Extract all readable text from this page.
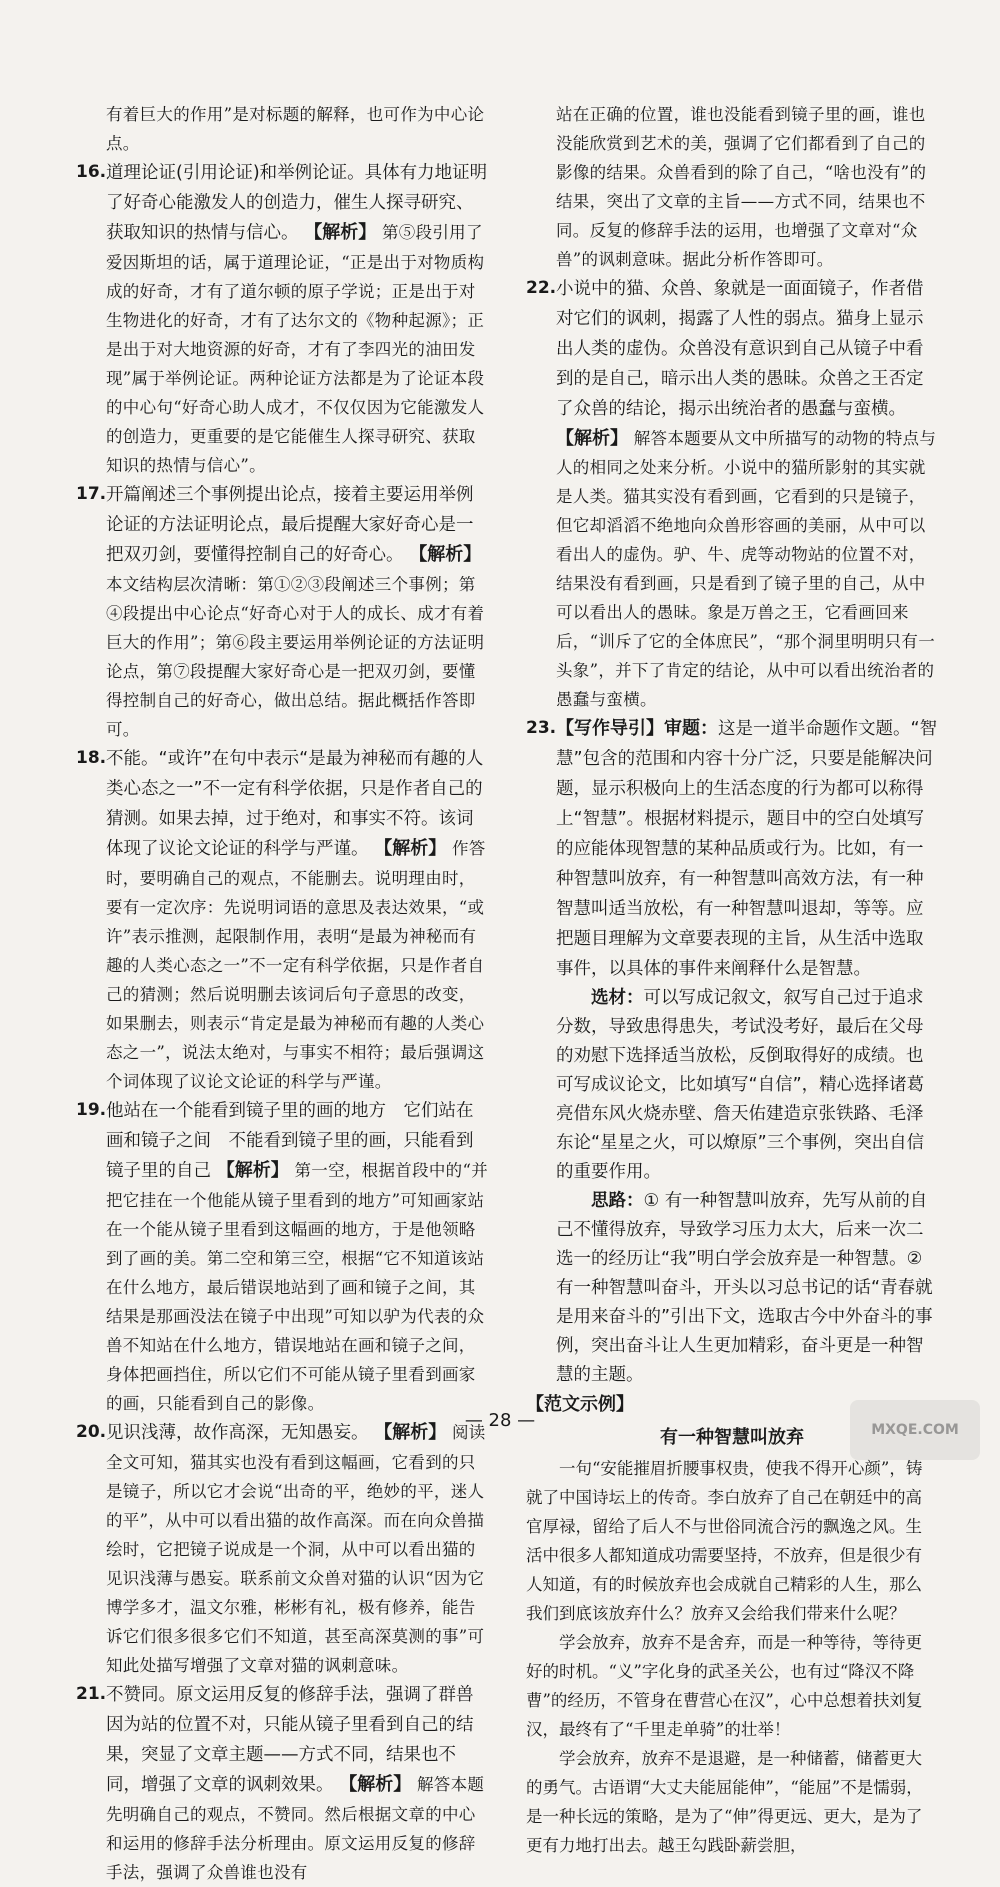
有着巨大的作用”是对标题的解释，也可作为中心论点。

16. 道理论证(引用论证)和举例论证。具体有力地证明了好奇心能激发人的创造力，催生人探寻研究、获取知识的热情与信心。 【解析】 第⑤段引用了爱因斯坦的话，属于道理论证，“正是出于对物质构成的好奇，才有了道尔顿的原子学说；正是出于对生物进化的好奇，才有了达尔文的《物种起源》；正是出于对大地资源的好奇，才有了李四光的油田发现”属于举例论证。两种论证方法都是为了论证本段的中心句“好奇心助人成才，不仅仅因为它能激发人的创造力，更重要的是它能催生人探寻研究、获取知识的热情与信心”。
17. 开篇阐述三个事例提出论点，接着主要运用举例论证的方法证明论点，最后提醒大家好奇心是一把双刃剑，要懂得控制自己的好奇心。 【解析】 本文结构层次清晰：第①②③段阐述三个事例；第④段提出中心论点“好奇心对于人的成长、成才有着巨大的作用”；第⑥段主要运用举例论证的方法证明论点，第⑦段提醒大家好奇心是一把双刃剑，要懂得控制自己的好奇心，做出总结。据此概括作答即可。
18. 不能。“或许”在句中表示“是最为神秘而有趣的人类心态之一”不一定有科学依据，只是作者自己的猜测。如果去掉，过于绝对，和事实不符。该词体现了议论文论证的科学与严谨。 【解析】 作答时，要明确自己的观点，不能删去。说明理由时，要有一定次序：先说明词语的意思及表达效果，“或许”表示推测，起限制作用，表明“是最为神秘而有趣的人类心态之一”不一定有科学依据，只是作者自己的猜测；然后说明删去该词后句子意思的改变，如果删去，则表示“肯定是最为神秘而有趣的人类心态之一”，说法太绝对，与事实不相符；最后强调这个词体现了议论文论证的科学与严谨。
19. 他站在一个能看到镜子里的画的地方　它们站在画和镜子之间　不能看到镜子里的画，只能看到镜子里的自己 【解析】 第一空，根据首段中的“并把它挂在一个他能从镜子里看到的地方”可知画家站在一个能从镜子里看到这幅画的地方，于是他领略到了画的美。第二空和第三空，根据“它不知道该站在什么地方，最后错误地站到了画和镜子之间，其结果是那画没法在镜子中出现”可知以驴为代表的众兽不知站在什么地方，错误地站在画和镜子之间，身体把画挡住，所以它们不可能从镜子里看到画家的画，只能看到自己的影像。
20. 见识浅薄，故作高深，无知愚妄。 【解析】 阅读全文可知，猫其实也没有看到这幅画，它看到的只是镜子，所以它才会说“出奇的平，绝妙的平，迷人的平”，从中可以看出猫的故作高深。而在向众兽描绘时，它把镜子说成是一个洞，从中可以看出猫的见识浅薄与愚妄。联系前文众兽对猫的认识“因为它博学多才，温文尔雅，彬彬有礼，极有修养，能告诉它们很多很多它们不知道，甚至高深莫测的事”可知此处描写增强了文章对猫的讽刺意味。
21. 不赞同。原文运用反复的修辞手法，强调了群兽因为站的位置不对，只能从镜子里看到自己的结果，突显了文章主题——方式不同，结果也不同，增强了文章的讽刺效果。 【解析】 解答本题先明确自己的观点，不赞同。然后根据文章的中心和运用的修辞手法分析理由。原文运用反复的修辞手法，强调了众兽谁也没有

站在正确的位置，谁也没能看到镜子里的画，谁也没能欣赏到艺术的美，强调了它们都看到了自己的影像的结果。众兽看到的除了自己，“啥也没有”的结果，突出了文章的主旨——方式不同，结果也不同。反复的修辞手法的运用，也增强了文章对“众兽”的讽刺意味。据此分析作答即可。

22. 小说中的猫、众兽、象就是一面面镜子，作者借对它们的讽刺，揭露了人性的弱点。猫身上显示出人类的虚伪。众兽没有意识到自己从镜子中看到的是自己，暗示出人类的愚昧。众兽之王否定了众兽的结论，揭示出统治者的愚蠢与蛮横。 【解析】 解答本题要从文中所描写的动物的特点与人的相同之处来分析。小说中的猫所影射的其实就是人类。猫其实没有看到画，它看到的只是镜子，但它却滔滔不绝地向众兽形容画的美丽，从中可以看出人的虚伪。驴、牛、虎等动物站的位置不对，结果没有看到画，只是看到了镜子里的自己，从中可以看出人的愚昧。象是万兽之王，它看画回来后，“训斥了它的全体庶民”，“那个洞里明明只有一头象”，并下了肯定的结论，从中可以看出统治者的愚蠢与蛮横。
23. 【写作导引】审题：这是一道半命题作文题。“智慧”包含的范围和内容十分广泛，只要是能解决问题，显示积极向上的生活态度的行为都可以称得上“智慧”。根据材料提示，题目中的空白处填写的应能体现智慧的某种品质或行为。比如，有一种智慧叫放弃，有一种智慧叫高效方法，有一种智慧叫适当放松，有一种智慧叫退却，等等。应把题目理解为文章要表现的主旨，从生活中选取事件，以具体的事件来阐释什么是智慧。

选材：可以写成记叙文，叙写自己过于追求分数，导致患得患失，考试没考好，最后在父母的劝慰下选择适当放松，反倒取得好的成绩。也可写成议论文，比如填写“自信”，精心选择诸葛亮借东风火烧赤壁、詹天佑建造京张铁路、毛泽东论“星星之火，可以燎原”三个事例，突出自信的重要作用。

思路：① 有一种智慧叫放弃，先写从前的自己不懂得放弃，导致学习压力太大，后来一次二选一的经历让“我”明白学会放弃是一种智慧。② 有一种智慧叫奋斗，开头以习总书记的话“青春就是用来奋斗的”引出下文，选取古今中外奋斗的事例，突出奋斗让人生更加精彩，奋斗更是一种智慧的主题。

【范文示例】

有一种智慧叫放弃

一句“安能摧眉折腰事权贵，使我不得开心颜”，铸就了中国诗坛上的传奇。李白放弃了自己在朝廷中的高官厚禄，留给了后人不与世俗同流合污的飘逸之风。生活中很多人都知道成功需要坚持，不放弃，但是很少有人知道，有的时候放弃也会成就自己精彩的人生，那么我们到底该放弃什么？放弃又会给我们带来什么呢？

学会放弃，放弃不是舍弃，而是一种等待，等待更好的时机。“义”字化身的武圣关公，也有过“降汉不降曹”的经历，不管身在曹营心在汉”，心中总想着扶刘复汉，最终有了“千里走单骑”的壮举！

学会放弃，放弃不是退避，是一种储蓄，储蓄更大的勇气。古语谓“大丈夫能屈能伸”，“能屈”不是懦弱，是一种长远的策略，是为了“伸”得更远、更大，是为了更有力地打出去。越王勾践卧薪尝胆，

— 28 —	MXQE.COM
